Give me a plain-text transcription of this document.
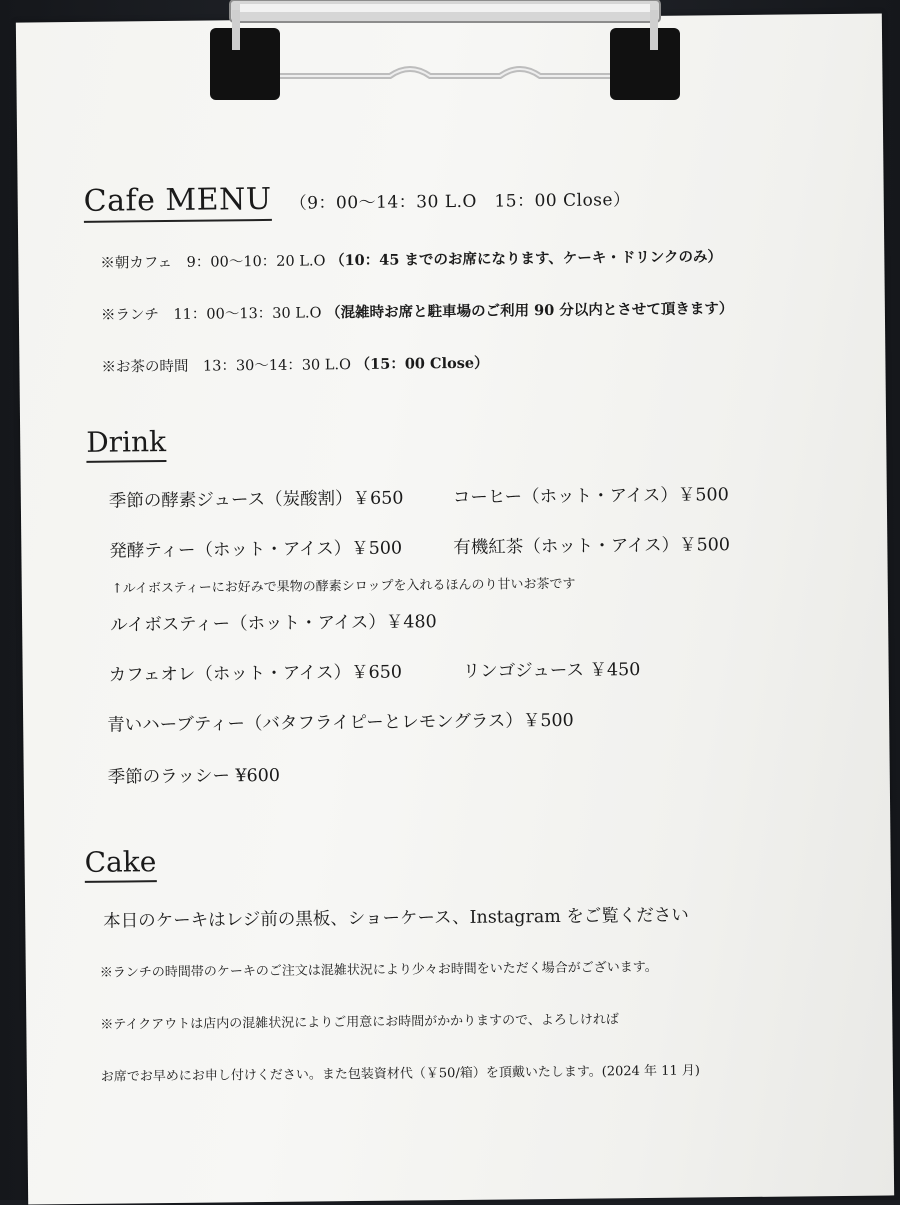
Cafe MENU （9：00～14：30 L.O　15：00 Close）
※朝カフェ　9：00～10：20 L.O （10：45 までのお席になります、ケーキ・ドリンクのみ）
※ランチ　11：00～13：30 L.O （混雑時お席と駐車場のご利用 90 分以内とさせて頂きます）
※お茶の時間　13：30～14：30 L.O （15：00 Close）
Drink
季節の酵素ジュース（炭酸割）￥650	コーヒー（ホット・アイス）￥500
発酵ティー（ホット・アイス）￥500	有機紅茶（ホット・アイス）￥500
↑ルイボスティーにお好みで果物の酵素シロップを入れるほんのり甘いお茶です
ルイボスティー（ホット・アイス）￥480
カフェオレ（ホット・アイス）￥650	リンゴジュース ￥450
青いハーブティー（バタフライピーとレモングラス）￥500
季節のラッシー ¥600
Cake
本日のケーキはレジ前の黒板、ショーケース、Instagram をご覧ください
※ランチの時間帯のケーキのご注文は混雑状況により少々お時間をいただく場合がございます。
※テイクアウトは店内の混雑状況によりご用意にお時間がかかりますので、よろしければ
お席でお早めにお申し付けください。また包装資材代（￥50/箱）を頂戴いたします。(2024 年 11 月)
